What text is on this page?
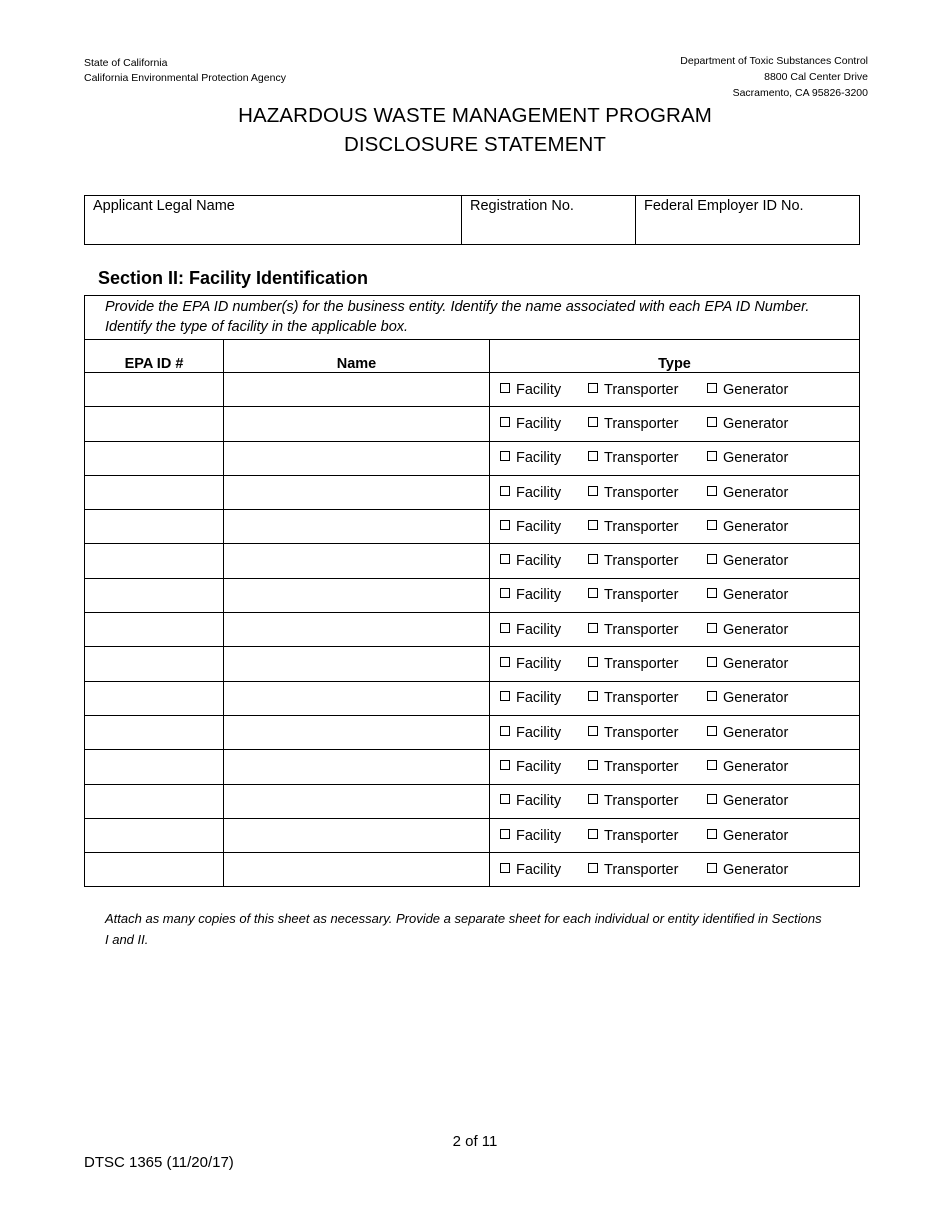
State of California
California Environmental Protection Agency
Department of Toxic Substances Control
8800 Cal Center Drive
Sacramento, CA 95826-3200
HAZARDOUS WASTE MANAGEMENT PROGRAM
DISCLOSURE STATEMENT
Applicant Legal Name	Registration No.	Federal Employer ID No.
Section II: Facility Identification
Provide the EPA ID number(s) for the business entity. Identify the name associated with each EPA ID Number. Identify the type of facility in the applicable box.		
EPA ID #	Name	Type
		Facility Transporter Generator
		Facility Transporter Generator
		Facility Transporter Generator
		Facility Transporter Generator
		Facility Transporter Generator
		Facility Transporter Generator
		Facility Transporter Generator
		Facility Transporter Generator
		Facility Transporter Generator
		Facility Transporter Generator
		Facility Transporter Generator
		Facility Transporter Generator
		Facility Transporter Generator
		Facility Transporter Generator
		Facility Transporter Generator
Attach as many copies of this sheet as necessary. Provide a separate sheet for each individual or entity identified in Sections I and II.
2 of 11
DTSC 1365 (11/20/17)
